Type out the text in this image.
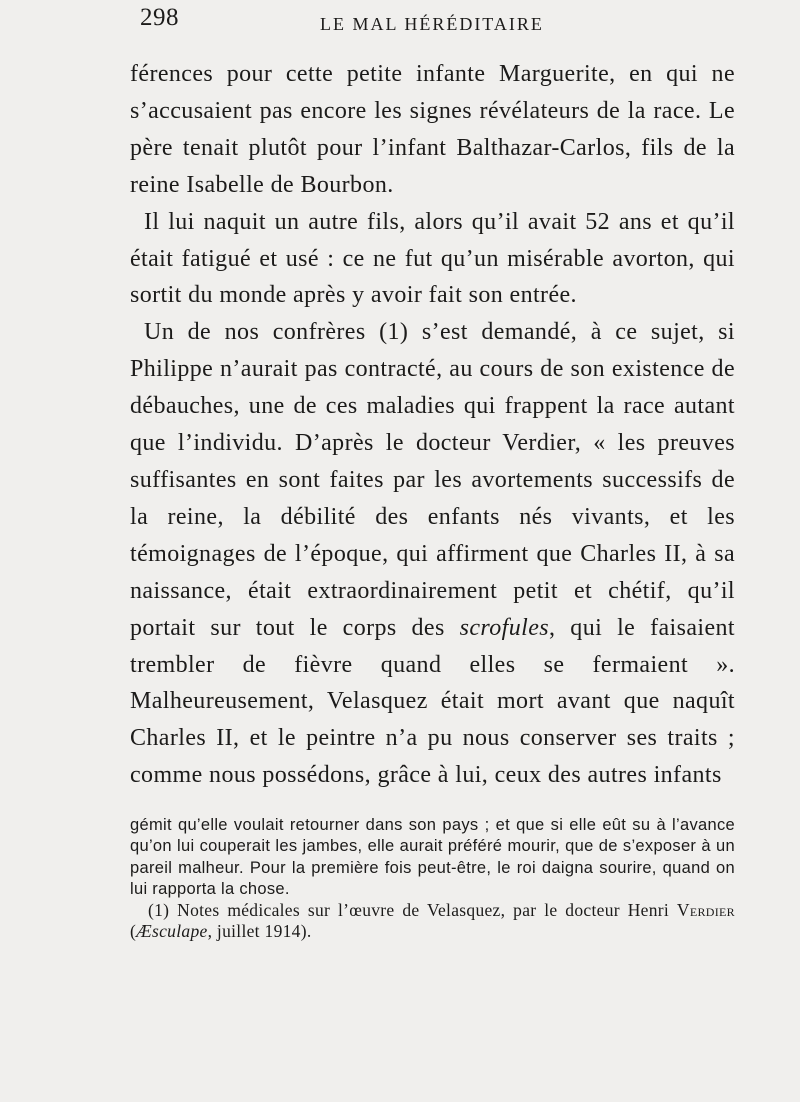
298	LE MAL HÉRÉDITAIRE

férences pour cette petite infante Marguerite, en qui ne s’accusaient pas encore les signes révélateurs de la race. Le père tenait plutôt pour l’infant Balthazar-Carlos, fils de la reine Isabelle de Bourbon.

Il lui naquit un autre fils, alors qu’il avait 52 ans et qu’il était fatigué et usé : ce ne fut qu’un misérable avorton, qui sortit du monde après y avoir fait son entrée.

Un de nos confrères (1) s’est demandé, à ce sujet, si Philippe n’aurait pas contracté, au cours de son existence de débauches, une de ces maladies qui frappent la race autant que l’individu. D’après le docteur Verdier, « les preuves suffisantes en sont faites par les avortements successifs de la reine, la débilité des enfants nés vivants, et les témoignages de l’époque, qui affirment que Charles II, à sa naissance, était extraordinairement petit et chétif, qu’il portait sur tout le corps des scrofules, qui le faisaient trembler de fièvre quand elles se fermaient ». Malheureusement, Velasquez était mort avant que naquît Charles II, et le peintre n’a pu nous conserver ses traits ; comme nous possédons, grâce à lui, ceux des autres infants

gémit qu’elle voulait retourner dans son pays ; et que si elle eût su à l’avance qu’on lui couperait les jambes, elle aurait préféré mourir, que de s’exposer à un pareil malheur. Pour la première fois peut-être, le roi daigna sourire, quand on lui rapporta la chose.

(1) Notes médicales sur l’œuvre de Velasquez, par le docteur Henri Verdier (Æsculape, juillet 1914).
